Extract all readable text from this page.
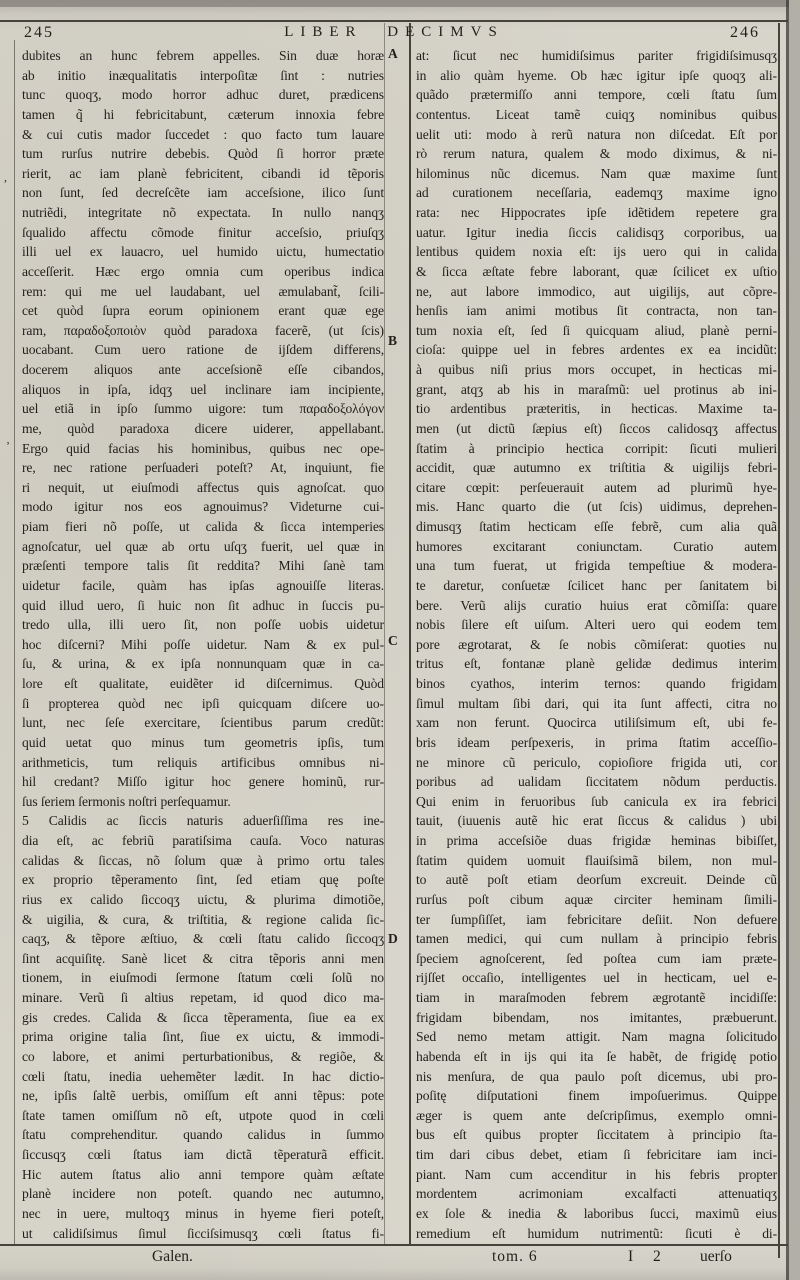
245	LIBER DECIMVS	246
dubites an hunc febrem appelles. Sin duæ horæ
ab initio inæqualitatis interpoſitæ ſint : nutries
tunc quoqʒ, modo horror adhuc duret, prædicens
tamen q̃ hi febricitabunt, cæterum innoxia febre
& cui cutis mador ſuccedet : quo facto tum lauare
tum rurſus nutrire debebis. Quòd ſi horror præte
rierit, ac iam planè febricitent, cibandi id tẽporis
non ſunt, ſed decreſcẽte iam acceſsione, ilico ſunt
nutriẽdi, integritate nõ expectata. In nullo nanqʒ
ſqualido affectu cõmode finitur acceſsio, priuſqʒ
illi uel ex lauacro, uel humido uictu, humectatio
acceſſerit. Hæc ergo omnia cum operibus indica
rem: qui me uel laudabant, uel æmulabant̃, ſcili-
cet quòd ſupra eorum opinionem erant quæ ege
ram, παραδοξοποιὸν quòd paradoxa facerẽ, (ut ſcis)
uocabant. Cum uero ratione de ijſdem differens,
docerem aliquos ante acceſsionẽ eſſe cibandos,
aliquos in ipſa, idqʒ uel inclinare iam incipiente,
uel etiã in ipſo ſummo uigore: tum παραδοξολόγον
me, quòd paradoxa dicere uiderer, appellabant.
Ergo quid facias his hominibus, quibus nec ope-
re, nec ratione perſuaderi poteſt? At, inquiunt, fie
ri nequit, ut eiuſmodi affectus quis agnoſcat. quo
modo igitur nos eos agnouimus? Videturne cui-
piam fieri nõ poſſe, ut calida & ſicca intemperies
agnoſcatur, uel quæ ab ortu uſqʒ fuerit, uel quæ in
præſenti tempore talis ſit reddita? Mihi ſanè tam
uidetur facile, quàm has ipſas agnouiſſe literas.
quid illud uero, ſi huic non ſit adhuc in ſuccis pu-
tredo ulla, illi uero ſit, non poſſe uobis uidetur
hoc diſcerni? Mihi poſſe uidetur. Nam & ex pul-
ſu, & urina, & ex ipſa nonnunquam quæ in ca-
lore eſt qualitate, euidẽter id diſcernimus. Quòd
ſi propterea quòd nec ipſi quicquam diſcere uo-
lunt, nec ſeſe exercitare, ſcientibus parum credũt:
quid uetat quo minus tum geometris ipſis, tum
arithmeticis, tum reliquis artificibus omnibus ni-
hil credant? Miſſo igitur hoc genere hominũ, rur-
ſus ſeriem ſermonis noſtri perſequamur.
5 Calidis ac ſiccis naturis aduerſiſſima res ine-
dia eſt, ac febriũ paratiſsima cauſa. Voco naturas
calidas & ſiccas, nõ ſolum quæ à primo ortu tales
ex proprio tẽperamento ſint, ſed etiam quę poſte
rius ex calido ſiccoqʒ uictu, & plurima dimotiõe,
& uigilia, & cura, & triſtitia, & regione calida ſic-
caqʒ, & tẽpore æſtiuo, & cœli ſtatu calido ſiccoqʒ
ſint acquiſitę. Sanè licet & citra tẽporis anni men
tionem, in eiuſmodi ſermone ſtatum cœli ſolũ no
minare. Verũ ſi altius repetam, id quod dico ma-
gis credes. Calida & ſicca tẽperamenta, ſiue ea ex
prima origine talia ſint, ſiue ex uictu, & immodi-
co labore, et animi perturbationibus, & regiõe, &
cœli ſtatu, inedia uehemẽter lædit. In hac dictio-
ne, ipſis ſaltẽ uerbis, omiſſum eſt anni tẽpus: pote
ſtate tamen omiſſum nõ eſt, utpote quod in cœli
ſtatu comprehenditur. quando calidus in ſummo
ſiccusqʒ cœli ſtatus iam dictã tẽperaturã efficit.
Hic autem ſtatus alio anni tempore quàm æſtate
planè incidere non poteſt. quando nec autumno,
nec in uere, multoqʒ minus in hyeme fieri poteſt,
ut calidiſsimus ſimul ſicciſsimusqʒ cœli ſtatus fi-
A
B
C
D
at: ſicut nec humidiſsimus pariter frigidiſsimusqʒ
in alio quàm hyeme. Ob hæc igitur ipſe quoqʒ ali-
quãdo prætermiſſo anni tempore, cœli ſtatu ſum
contentus. Liceat tamẽ cuiqʒ nominibus quibus
uelit uti: modo à rerũ natura non diſcedat. Eſt por
rò rerum natura, qualem & modo diximus, & ni-
hilominus nũc dicemus. Nam quæ maxime ſunt
ad curationem neceſſaria, eademqʒ maxime igno
rata: nec Hippocrates ipſe idẽtidem repetere gra
uatur. Igitur inedia ſiccis calidisqʒ corporibus, ua
lentibus quidem noxia eſt: ijs uero qui in calida
& ſicca æſtate febre laborant, quæ ſcilicet ex uſtio
ne, aut labore immodico, aut uigilijs, aut cõpre-
henſis iam animi motibus ſit contracta, non tan-
tum noxia eſt, ſed ſi quicquam aliud, planè perni-
cioſa: quippe uel in febres ardentes ex ea incidũt:
à quibus niſi prius mors occupet, in hecticas mi-
grant, atqʒ ab his in maraſmũ: uel protinus ab ini-
tio ardentibus præteritis, in hecticas. Maxime ta-
men (ut dictũ ſæpius eſt) ſiccos calidosqʒ affectus
ſtatim à principio hectica corripit: ſicuti mulieri
accidit, quæ autumno ex triſtitia & uigilijs febri-
citare cœpit: perſeuerauit autem ad plurimũ hye-
mis. Hanc quarto die (ut ſcis) uidimus, deprehen-
dimusqʒ ſtatim hecticam eſſe febrẽ, cum alia quã
humores excitarant coniunctam. Curatio autem
una tum fuerat, ut frigida tempeſtiue & modera-
te daretur, conſuetæ ſcilicet hanc per ſanitatem bi
bere. Verũ alijs curatio huius erat cõmiſſa: quare
nobis ſilere eſt uiſum. Alteri uero qui eodem tem
pore ægrotarat, & ſe nobis cõmiſerat: quoties nu
tritus eſt, fontanæ planè gelidæ dedimus interim
binos cyathos, interim ternos: quando frigidam
ſimul multam ſibi dari, qui ita ſunt affecti, citra no
xam non ferunt. Quocirca utiliſsimum eſt, ubi fe-
bris ideam perſpexeris, in prima ſtatim acceſſio-
ne minore cũ periculo, copioſiore frigida uti, cor
poribus ad ualidam ſiccitatem nõdum perductis.
Qui enim in feruoribus ſub canicula ex ira febrici
tauit, (iuuenis autẽ hic erat ſiccus & calidus ) ubi
in prima acceſsiõe duas frigidæ heminas bibiſſet,
ſtatim quidem uomuit flauiſsimã bilem, non mul-
to autẽ poſt etiam deorſum excreuit. Deinde cũ
rurſus poſt cibum aquæ circiter heminam ſimili-
ter ſumpſiſſet, iam febricitare deſiit. Non defuere
tamen medici, qui cum nullam à principio febris
ſpeciem agnoſcerent, ſed poſtea cum iam præte-
rijſſet occaſio, intelligentes uel in hecticam, uel e-
tiam in maraſmoden febrem ægrotantẽ incidiſſe:
frigidam bibendam, nos imitantes, præbuerunt.
Sed nemo metam attigit. Nam magna ſolicitudo
habenda eſt in ijs qui ita ſe habẽt, de frigidę potio
nis menſura, de qua paulo poſt dicemus, ubi pro-
poſitę diſputationi finem impoſuerimus. Quippe
æger is quem ante deſcripſimus, exemplo omni-
bus eſt quibus propter ſiccitatem à principio ſta-
tim dari cibus debet, etiam ſi febricitare iam inci-
piant. Nam cum accenditur in his febris propter
mordentem acrimoniam excalfacti attenuatiqʒ
ex ſole & inedia & laboribus ſucci, maximũ eius
remedium eſt humidum nutrimentũ: ſicuti è di-
Galen.	tom. 6	I 2 uerſo
‚
,
